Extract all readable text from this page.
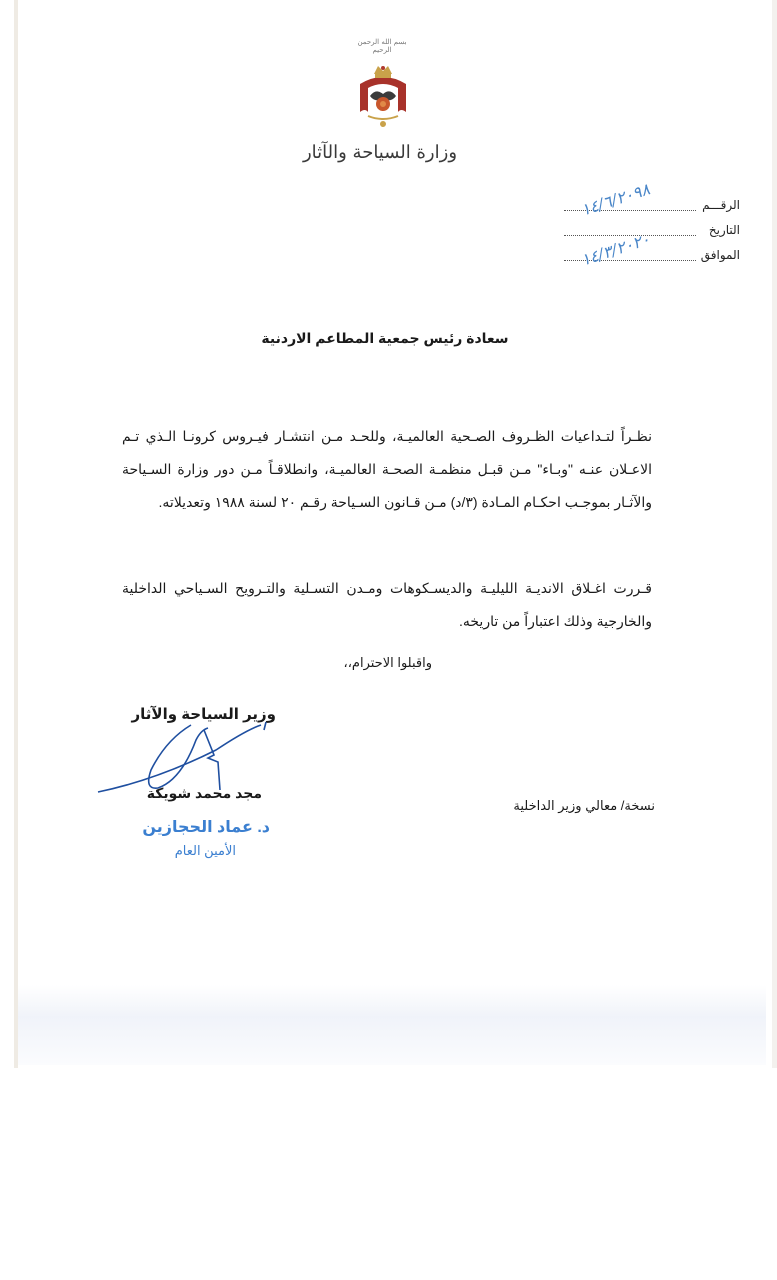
بسم الله الرحمن الرحيم
وزارة السياحة والآثار
الرقـــم
١٤/٦/٢٠٩٨
التاريخ
الموافق
١٤/٣/٢٠٢٠
سعادة رئيس جمعية المطاعم الاردنية
نظـراً لتـداعيات الظـروف الصـحية العالميـة، وللحـد مـن انتشـار فيـروس كرونـا الـذي تـم الاعـلان عنـه "وبـاء" مـن قبـل منظمـة الصحـة العالميـة، وانطلاقـاً مـن دور وزارة السـياحة والآثـار بموجـب احكـام المـادة (٣/د) مـن قـانون السـياحة رقـم ٢٠ لسنة ١٩٨٨ وتعديلاته.
قـررت اغـلاق الانديـة الليليـة والديسـكوهات ومـدن التسـلية والتـرويح السـياحي الداخلية والخارجية وذلك اعتباراً من تاريخه.
واقبلوا الاحترام،،
وزير السياحة والآثار
مجد محمد شويكة
د. عماد الحجازين
الأمين العام
نسخة/ معالي وزير الداخلية
